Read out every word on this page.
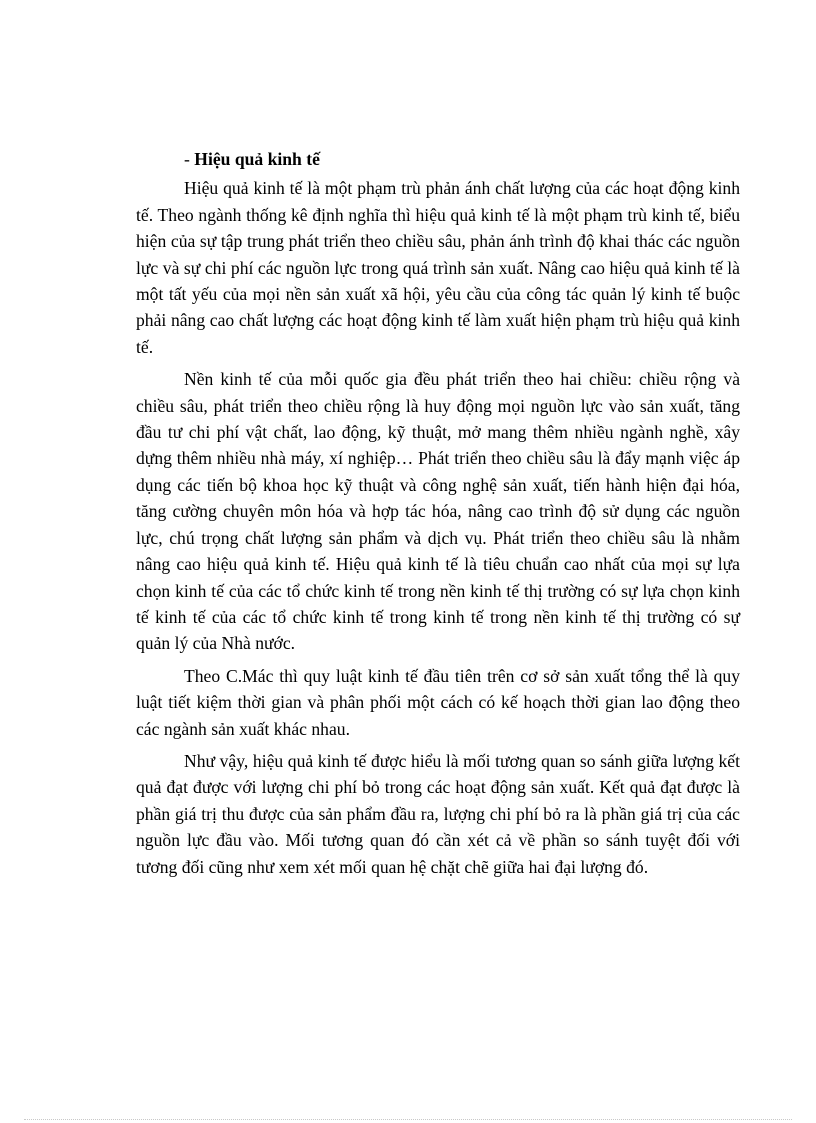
- Hiệu quả kinh tế

Hiệu quả kinh tế là một phạm trù phản ánh chất lượng của các hoạt động kinh tế. Theo ngành thống kê định nghĩa thì hiệu quả kinh tế là một phạm trù kinh tế, biểu hiện của sự tập trung phát triển theo chiều sâu, phản ánh trình độ khai thác các nguồn lực và sự chi phí các nguồn lực trong quá trình sản xuất. Nâng cao hiệu quả kinh tế là một tất yếu của mọi nền sản xuất xã hội, yêu cầu của công tác quản lý kinh tế buộc phải nâng cao chất lượng các hoạt động kinh tế làm xuất hiện phạm trù hiệu quả kinh tế.

Nền kinh tế của mỗi quốc gia đều phát triển theo hai chiều: chiều rộng và chiều sâu, phát triển theo chiều rộng là huy động mọi nguồn lực vào sản xuất, tăng đầu tư chi phí vật chất, lao động, kỹ thuật, mở mang thêm nhiều ngành nghề, xây dựng thêm nhiều nhà máy, xí nghiệp… Phát triển theo chiều sâu là đẩy mạnh việc áp dụng các tiến bộ khoa học kỹ thuật và công nghệ sản xuất, tiến hành hiện đại hóa, tăng cường chuyên môn hóa và hợp tác hóa, nâng cao trình độ sử dụng các nguồn lực, chú trọng chất lượng sản phẩm và dịch vụ. Phát triển theo chiều sâu là nhằm nâng cao hiệu quả kinh tế. Hiệu quả kinh tế là tiêu chuẩn cao nhất của mọi sự lựa chọn kinh tế của các tổ chức kinh tế trong nền kinh tế thị trường có sự lựa chọn kinh tế kinh tế của các tổ chức kinh tế trong kinh tế trong nền kinh tế thị trường có sự quản lý của Nhà nước.

Theo C.Mác thì quy luật kinh tế đầu tiên trên cơ sở sản xuất tổng thể là quy luật tiết kiệm thời gian và phân phối một cách có kế hoạch thời gian lao động theo các ngành sản xuất khác nhau.

Như vậy, hiệu quả kinh tế được hiểu là mối tương quan so sánh giữa lượng kết quả đạt được với lượng chi phí bỏ trong các hoạt động sản xuất. Kết quả đạt được là phần giá trị thu được của sản phẩm đầu ra, lượng chi phí bỏ ra là phần giá trị của các nguồn lực đầu vào. Mối tương quan đó cần xét cả về phần so sánh tuyệt đối với tương đối cũng như xem xét mối quan hệ chặt chẽ giữa hai đại lượng đó.
